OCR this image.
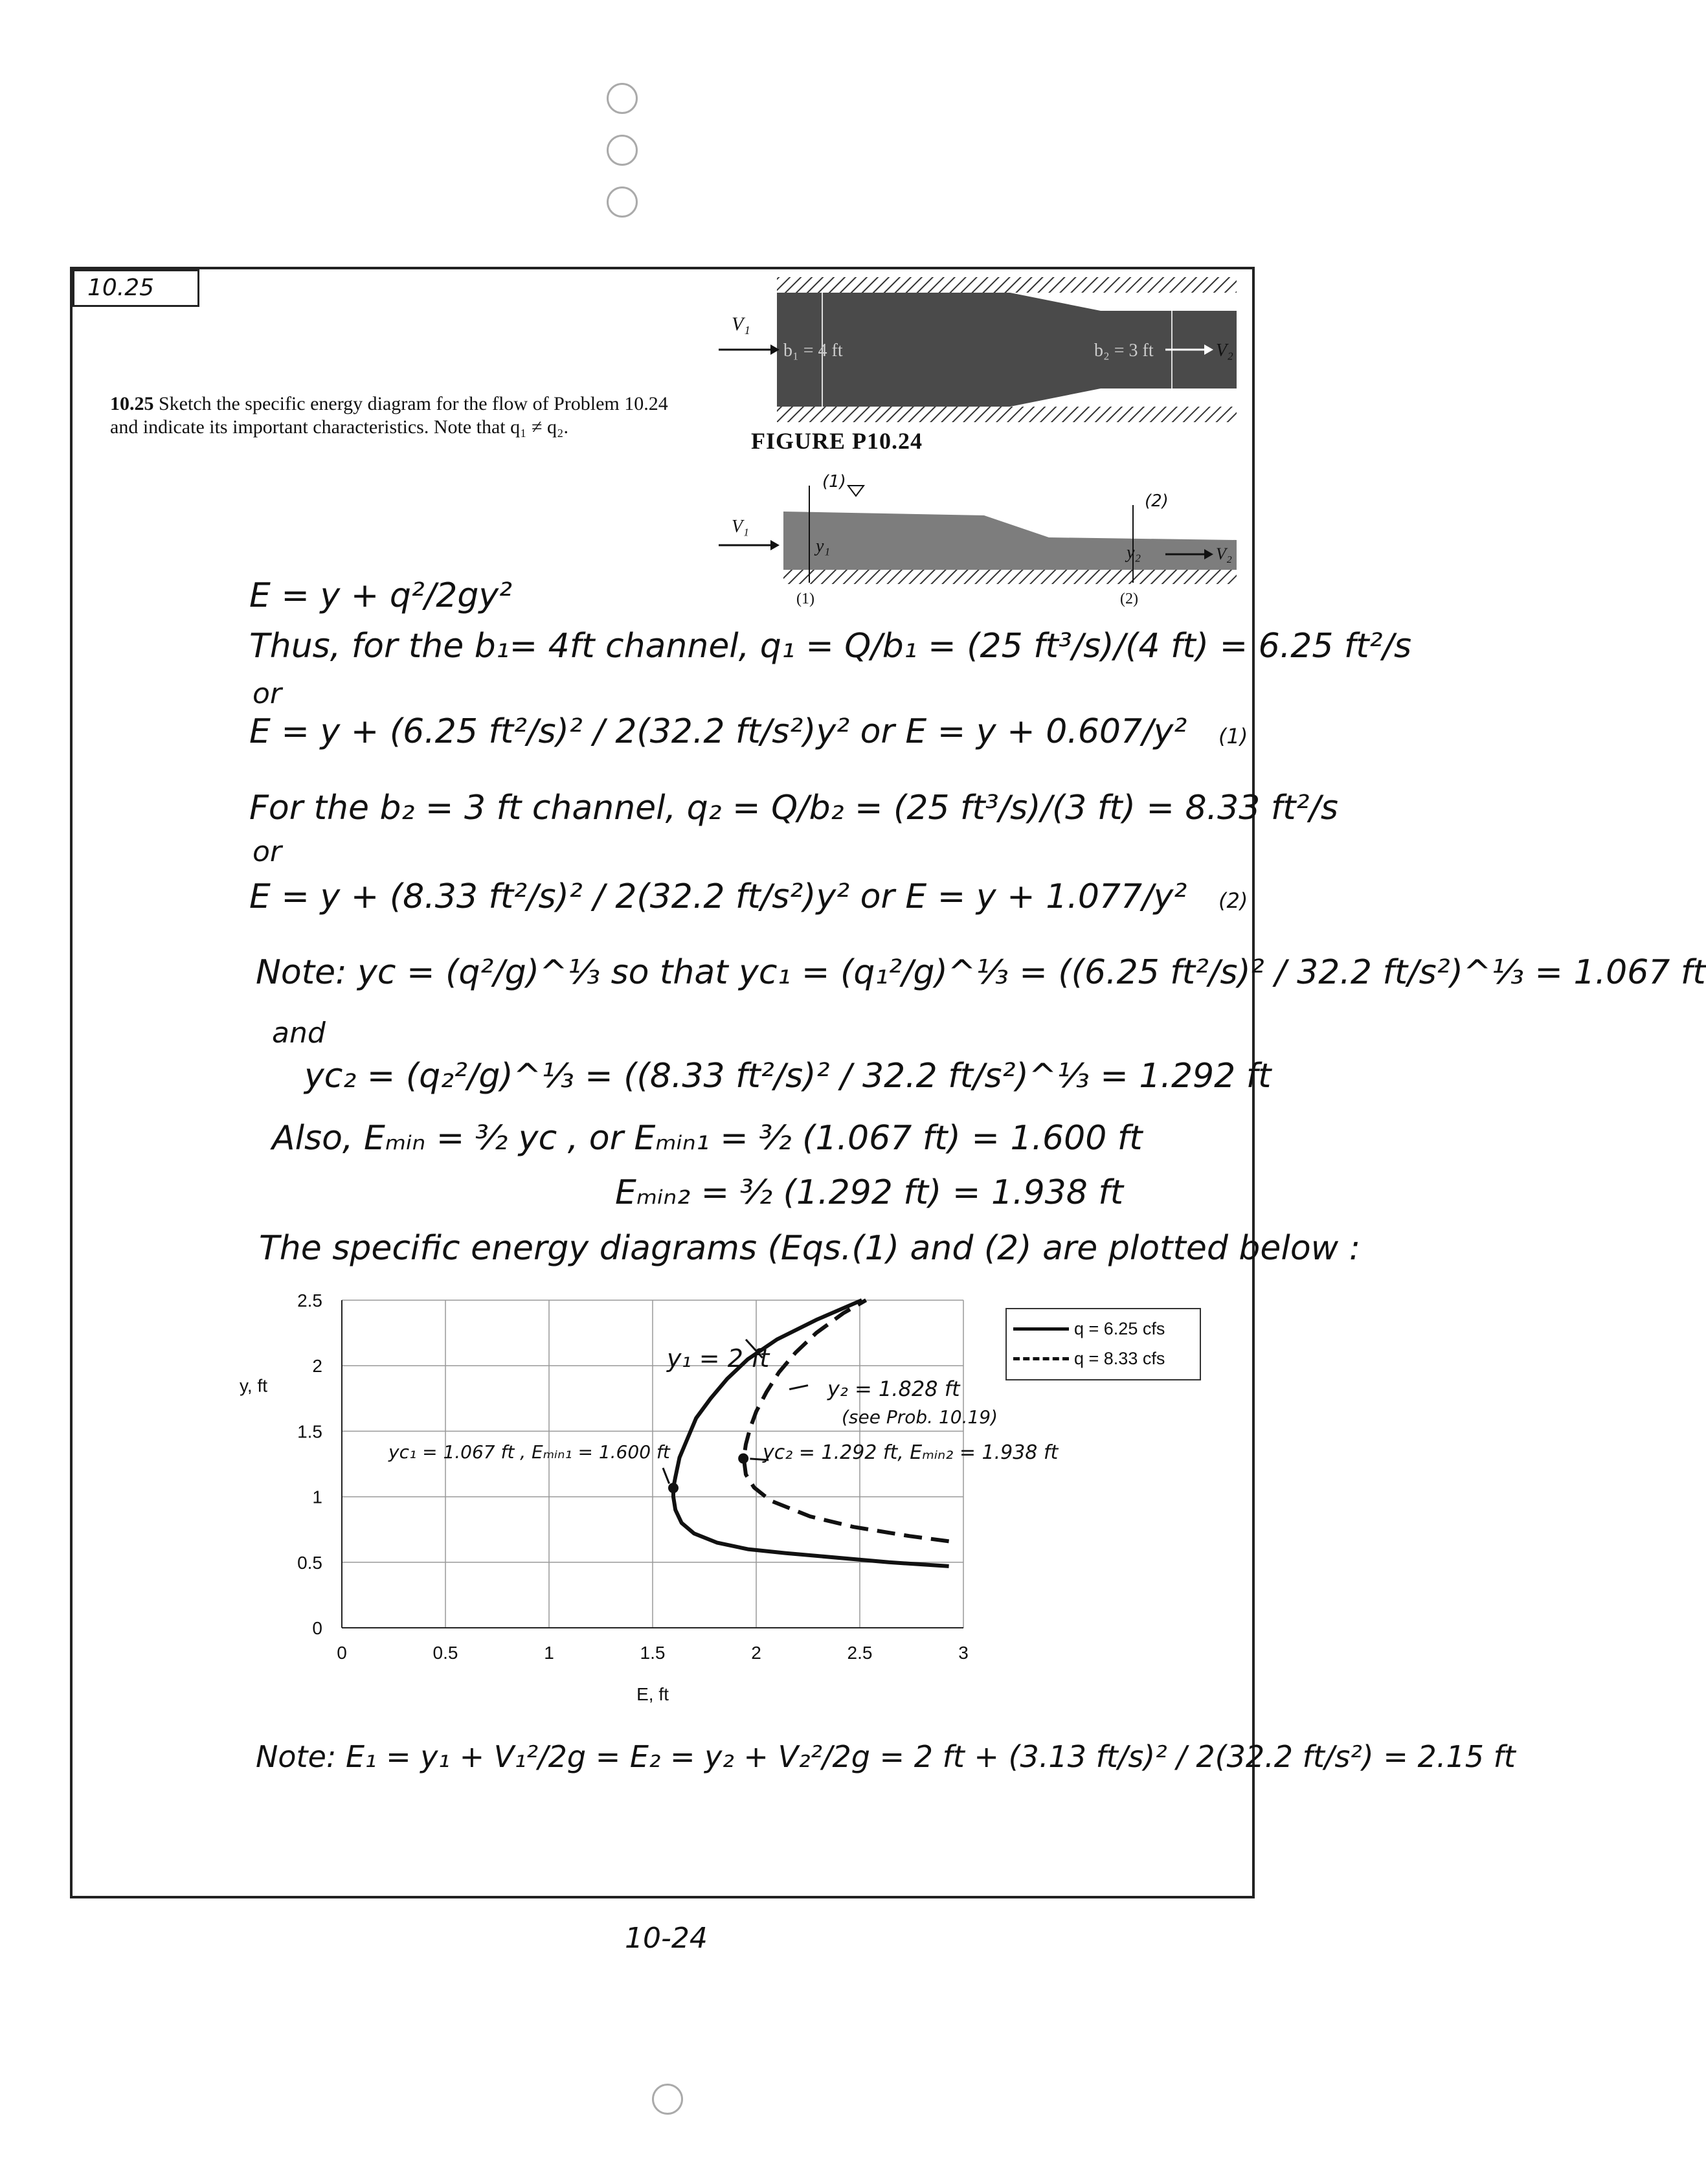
10.25
10.25 Sketch the specific energy diagram for the flow of Problem 10.24 and indicate its important characteristics. Note that q₁ ≠ q₂.
V₁
b₁ = 4 ft	b₂ = 3 ft	V₂
FIGURE P10.24
(1)
(2)
V₁
y₁	y₂	V₂
(1)	(2)
E = y + q²/2gy²
Thus, for the b₁= 4ft channel, q₁ = Q/b₁ = (25 ft³/s)/(4 ft) = 6.25 ft²/s
or
E = y + (6.25 ft²/s)² / 2(32.2 ft/s²)y² or E = y + 0.607/y² (1)
For the b₂ = 3 ft channel, q₂ = Q/b₂ = (25 ft³/s)/(3 ft) = 8.33 ft²/s
or
E = y + (8.33 ft²/s)² / 2(32.2 ft/s²)y² or E = y + 1.077/y² (2)
Note: yᴄ = (q²/g)^⅓ so that yᴄ₁ = (q₁²/g)^⅓ = ((6.25 ft²/s)² / 32.2 ft/s²)^⅓ = 1.067 ft
and
yᴄ₂ = (q₂²/g)^⅓ = ((8.33 ft²/s)² / 32.2 ft/s²)^⅓ = 1.292 ft
Also, Eₘᵢₙ = ³⁄₂ yᴄ , or Eₘᵢₙ₁ = ³⁄₂ (1.067 ft) = 1.600 ft
Eₘᵢₙ₂ = ³⁄₂ (1.292 ft) = 1.938 ft
The specific energy diagrams (Eqs.(1) and (2) are plotted below :
0	0.5	1	1.5	2	2.5	3
0
0.5
1
1.5
2
2.5
E, ft
y, ft
q = 6.25 cfs
q = 8.33 cfs
y₁ = 2 ft
y₂ = 1.828 ft
(see Prob. 10.19)
yᴄ₁ = 1.067 ft , Eₘᵢₙ₁ = 1.600 ft	yᴄ₂ = 1.292 ft, Eₘᵢₙ₂ = 1.938 ft
Note: E₁ = y₁ + V₁²/2g = E₂ = y₂ + V₂²/2g = 2 ft + (3.13 ft/s)² / 2(32.2 ft/s²) = 2.15 ft
10-24
